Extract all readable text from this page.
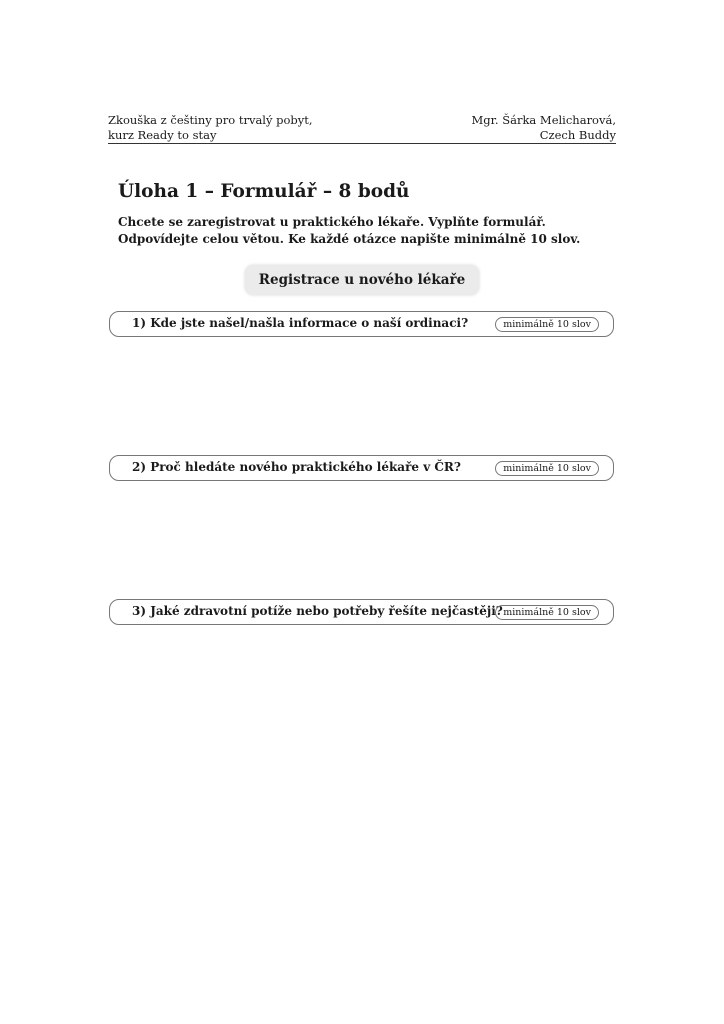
Zkouška z češtiny pro trvalý pobyt,
kurz Ready to stay
Mgr. Šárka Melicharová,
Czech Buddy
Úloha 1 – Formulář – 8 bodů
Chcete se zaregistrovat u praktického lékaře. Vyplňte formulář. Odpovídejte celou větou. Ke každé otázce napište minimálně 10 slov.
Registrace u nového lékaře
1) Kde jste našel/našla informace o naší ordinaci?	minimálně 10 slov
2) Proč hledáte nového praktického lékaře v ČR?	minimálně 10 slov
3) Jaké zdravotní potíže nebo potřeby řešíte nejčastěji? minimálně 10 slov
